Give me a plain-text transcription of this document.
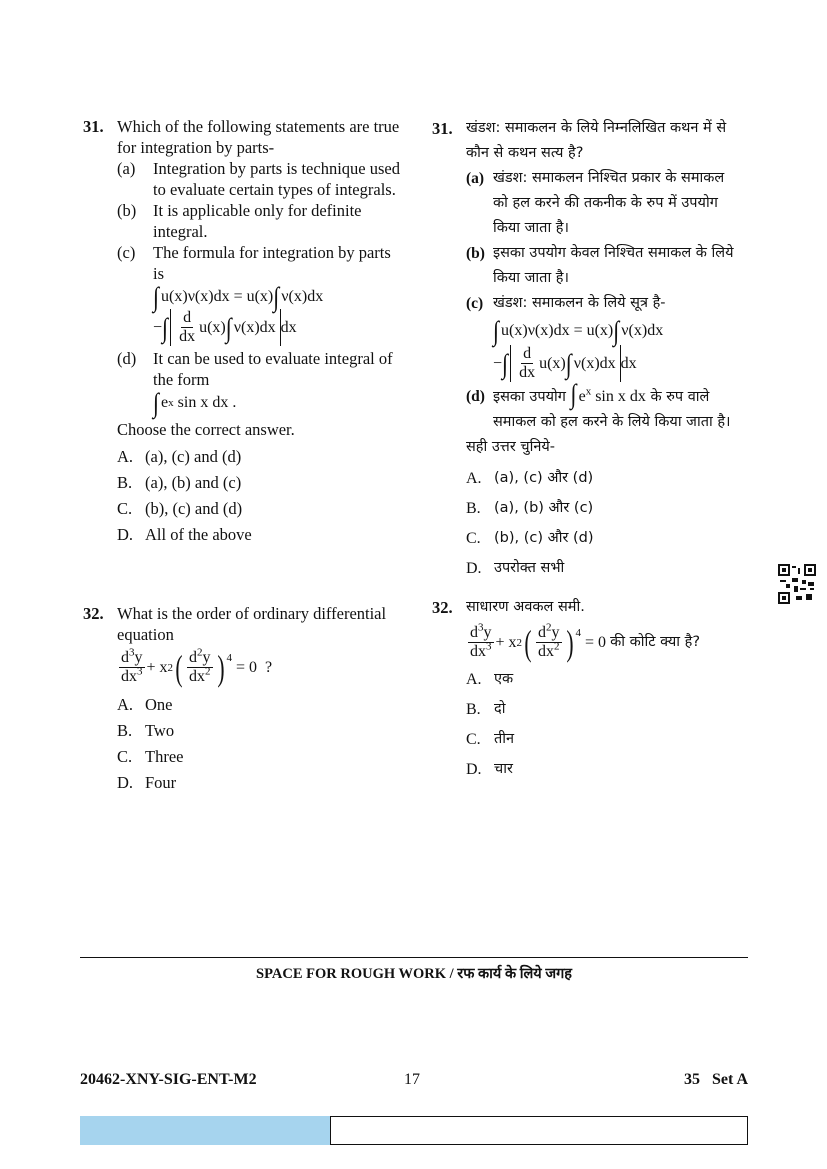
31. Which of the following statements are true for integration by parts-
(a)	Integration by parts is technique used to evaluate certain types of integrals.
(b)	It is applicable only for definite integral.
(c)	The formula for integration by parts is
∫ u(x)ν(x)dx = u(x) ∫ ν(x)dx
− ∫ $\frac{d}{dx} u(x)$ ∫ ν(x)dx dx
(d)	It can be used to evaluate integral of the form
∫ e x sin x dx .
Choose the correct answer.
A. (a), (c) and (d)
B. (a), (b) and (c)
C. (b), (c) and (d)
D. All of the above
32. What is the order of ordinary differential equation
$\frac{d^3y}{dx^3} + x$ 2 ( $\frac{d^2y}{dx^2} )^4$
= 0  ?
A. One
B. Two
C. Three
D. Four
31. खंडश: समाकलन के लिये निम्नलिखित कथन में से कौन से कथन सत्य है?
(a) खंडश: समाकलन निश्चित प्रकार के समाकल को हल करने की तकनीक के रुप में उपयोग किया जाता है।
(b) इसका उपयोग केवल निश्चित समाकल के लिये किया जाता है।
(c) खंडश: समाकलन के लिये सूत्र है-
∫ u(x)ν(x)dx = u(x) ∫ ν(x)dx
− ∫ $\frac{d}{dx} u(x)$ ∫ ν(x)dx dx
(d) इसका उपयोग ∫ $e^x$ sin x dx के रुप वाले समाकल को हल करने के लिये किया जाता है।
सही उत्तर चुनिये-
A. (a), (c) और (d)
B. (a), (b) और (c)
C. (b), (c) और (d)
D. उपरोक्त सभी
32. साधारण अवकल समी.
$\frac{d^3y}{dx^3} + x$ 2 ( $\frac{d^2y}{dx^2} )^4$
= 0 की कोटि क्या है?
A. एक
B. दो
C. तीन
D. चार
SPACE FOR ROUGH WORK / रफ कार्य के लिये जगह
20462-XNY-SIG-ENT-M2	17	35   Set A
